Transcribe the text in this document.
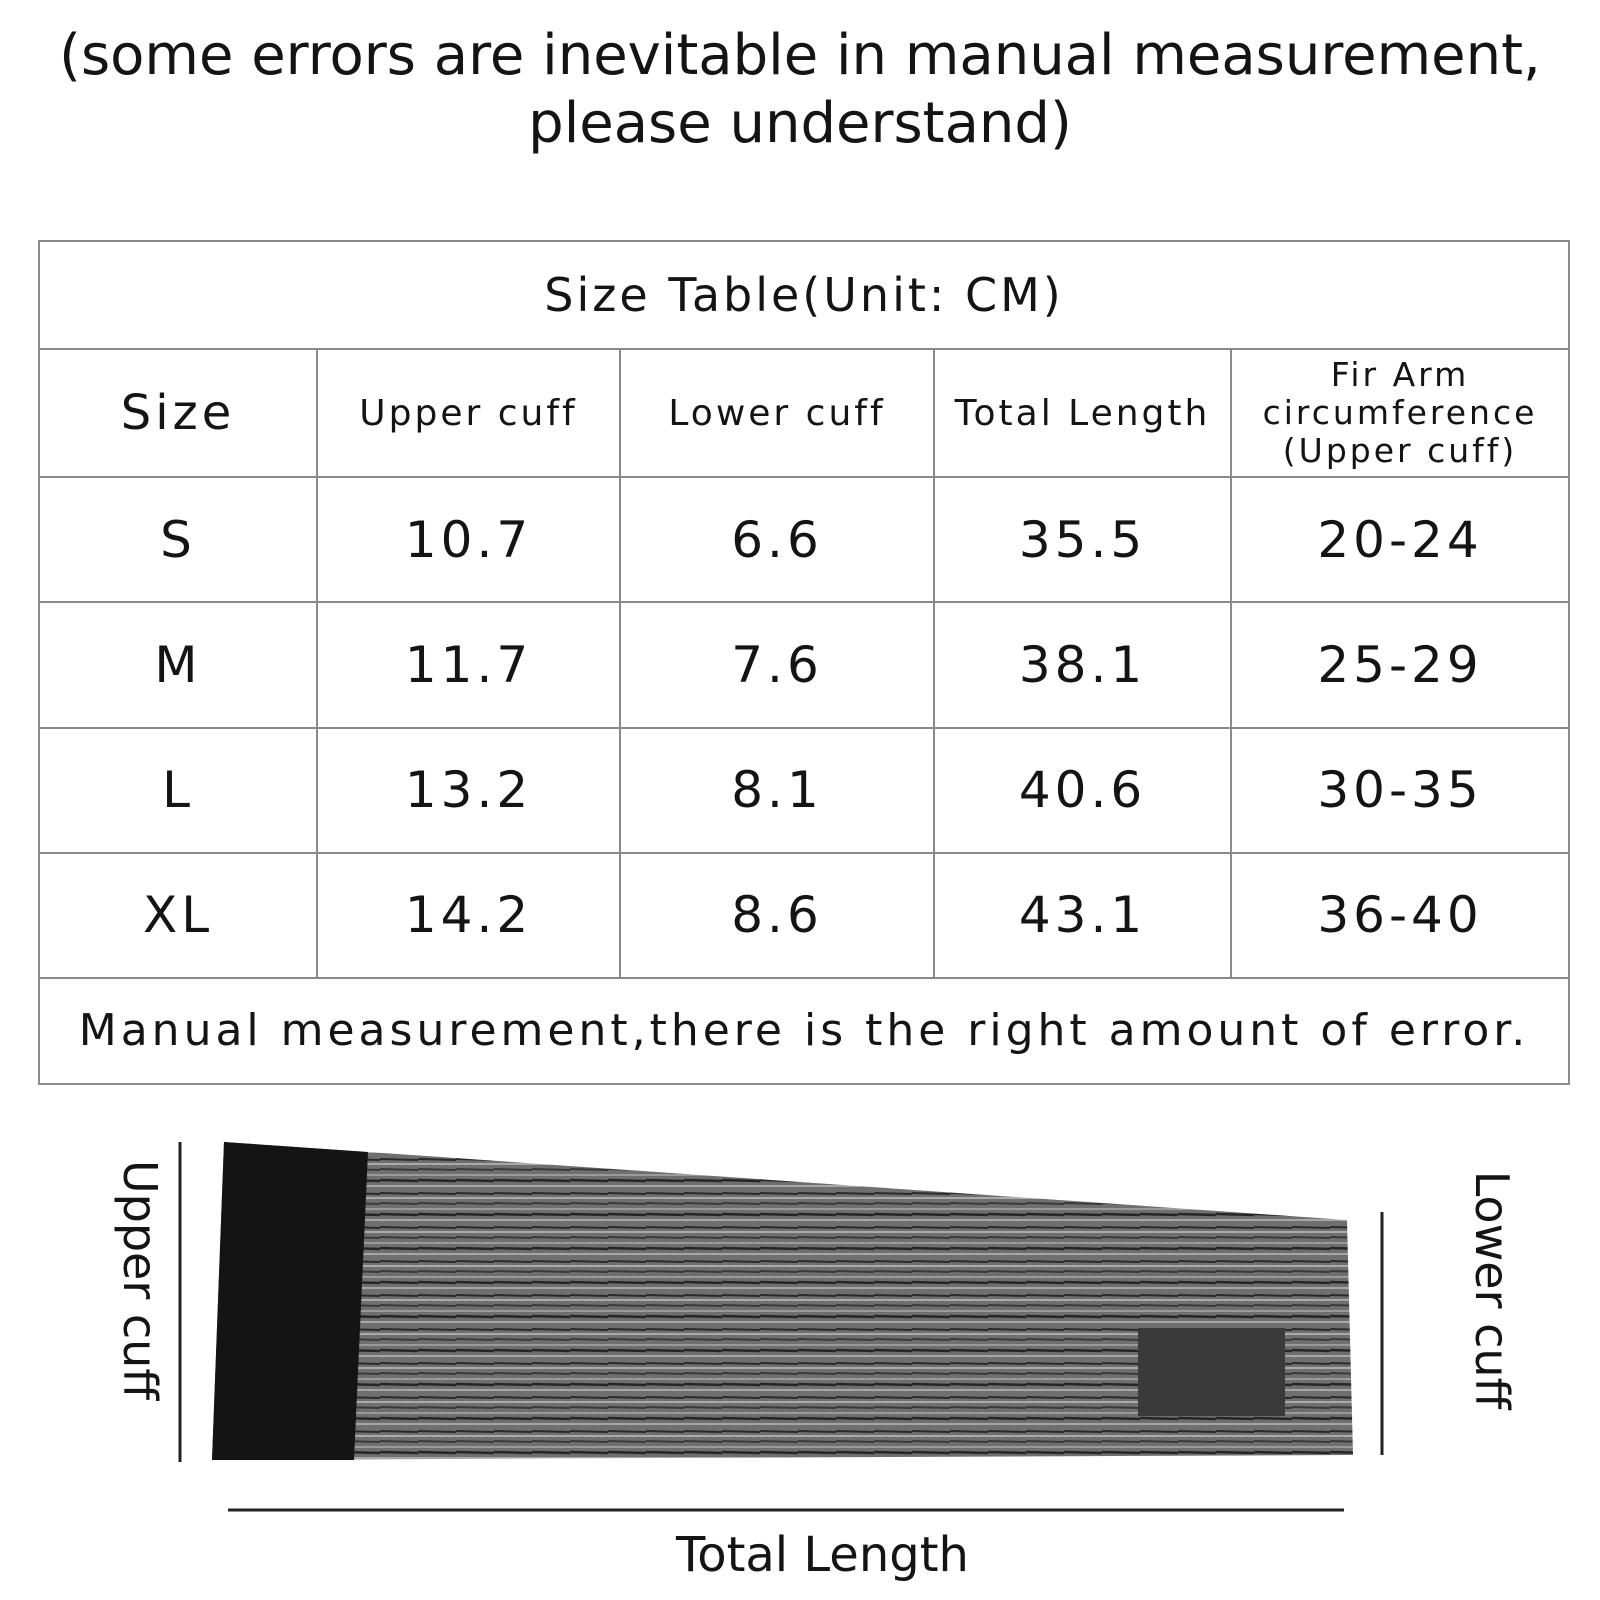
(some errors are inevitable in manual measurement,
please understand)
Size Table(Unit: CM)				
Size	Upper cuff	Lower cuff	Total Length	Fir Arm
circumference
(Upper cuff)

S	10.7	6.6	35.5	20-24
M	11.7	7.6	38.1	25-29
L	13.2	8.1	40.6	30-35
XL	14.2	8.6	43.1	36-40
Manual measurement,there is the right amount of error.				
Upper cuff	Lower cuff
Total Length
